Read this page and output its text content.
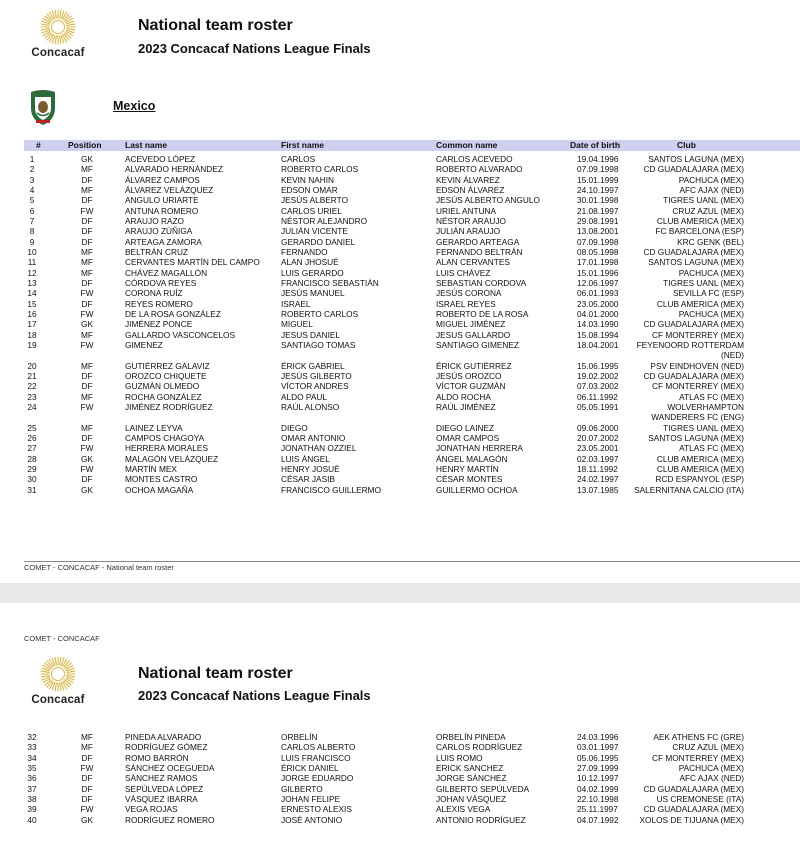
Concacaf
National team roster
2023 Concacaf Nations League Finals
Mexico
#	Position	Last name	First name	Common name	Date of birth	Club
1	GK	ACEVEDO LÓPEZ	CARLOS	CARLOS ACEVEDO	19.04.1996	SANTOS LAGUNA (MEX)
2	MF	ALVARADO HERNÁNDEZ	ROBERTO CARLOS	ROBERTO ALVARADO	07.09.1998	CD GUADALAJARA (MEX)
3	DF	ÁLVAREZ CAMPOS	KEVIN NAHIN	KEVIN ÁLVAREZ	15.01.1999	PACHUCA (MEX)
4	MF	ÁLVAREZ VELÁZQUEZ	EDSON OMAR	EDSON ÁLVAREZ	24.10.1997	AFC AJAX (NED)
5	DF	ANGULO URIARTE	JESÚS ALBERTO	JESÚS ALBERTO ANGULO	30.01.1998	TIGRES UANL (MEX)
6	FW	ANTUNA ROMERO	CARLOS URIEL	URIEL ANTUNA	21.08.1997	CRUZ AZUL (MEX)
7	DF	ARAUJO RAZO	NÉSTOR ALEJANDRO	NÉSTOR ARAUJO	29.08.1991	CLUB AMERICA (MEX)
8	DF	ARAUJO ZÚÑIGA	JULIÁN VICENTE	JULIÁN ARAUJO	13.08.2001	FC BARCELONA (ESP)
9	DF	ARTEAGA ZAMORA	GERARDO DANIEL	GERARDO ARTEAGA	07.09.1998	KRC GENK (BEL)
10	MF	BELTRÁN CRUZ	FERNANDO	FERNANDO BELTRÁN	08.05.1998	CD GUADALAJARA (MEX)
11	MF	CERVANTES MARTÍN DEL CAMPO	ALAN JHOSUÉ	ALAN CERVANTES	17.01.1998	SANTOS LAGUNA (MEX)
12	MF	CHÁVEZ MAGALLÓN	LUIS GERARDO	LUIS CHÁVEZ	15.01.1996	PACHUCA (MEX)
13	DF	CÓRDOVA REYES	FRANCISCO SEBASTIÁN	SEBASTIAN CORDOVA	12.06.1997	TIGRES UANL (MEX)
14	FW	CORONA RUÍZ	JESÚS MANUEL	JESÚS CORONA	06.01.1993	SEVILLA FC (ESP)
15	DF	REYES ROMERO	ISRAEL	ISRAEL REYES	23.05.2000	CLUB AMERICA (MEX)
16	FW	DE LA ROSA GONZÁLEZ	ROBERTO CARLOS	ROBERTO DE LA ROSA	04.01.2000	PACHUCA (MEX)
17	GK	JIMÉNEZ PONCE	MIGUEL	MIGUEL JIMÉNEZ	14.03.1990	CD GUADALAJARA (MEX)
18	MF	GALLARDO VASCONCELOS	JESUS DANIEL	JESUS GALLARDO	15.08.1994	CF MONTERREY (MEX)
19	FW	GIMENEZ	SANTIAGO TOMAS	SANTIAGO GIMENEZ	18.04.2001	FEYENOORD ROTTERDAM (NED)
20	MF	GUTIÉRREZ GALAVIZ	ÉRICK GABRIEL	ÉRICK GUTIÉRREZ	15.06.1995	PSV EINDHOVEN (NED)
21	DF	OROZCO CHIQUETE	JESÚS GILBERTO	JESÚS OROZCO	19.02.2002	CD GUADALAJARA (MEX)
22	DF	GUZMÁN OLMEDO	VÍCTOR ANDRES	VÍCTOR GUZMÁN	07.03.2002	CF MONTERREY (MEX)
23	MF	ROCHA GONZÁLEZ	ALDO PAUL	ALDO ROCHA	06.11.1992	ATLAS FC (MEX)
24	FW	JIMÉNEZ RODRÍGUEZ	RAÚL ALONSO	RAÚL JIMÉNEZ	05.05.1991	WOLVERHAMPTON WANDERERS FC (ENG)
25	MF	LAINEZ LEYVA	DIEGO	DIEGO LAINEZ	09.06.2000	TIGRES UANL (MEX)
26	DF	CAMPOS CHAGOYA	OMAR ANTONIO	OMAR CAMPOS	20.07.2002	SANTOS LAGUNA (MEX)
27	FW	HERRERA MORALES	JONATHAN OZZIEL	JONATHAN HERRERA	23.05.2001	ATLAS FC (MEX)
28	GK	MALAGÓN VELÁZQUEZ	LUIS ÁNGEL	ÁNGEL MALAGÓN	02.03.1997	CLUB AMERICA (MEX)
29	FW	MARTÍN MEX	HENRY JOSUÉ	HENRY MARTÍN	18.11.1992	CLUB AMERICA (MEX)
30	DF	MONTES CASTRO	CÉSAR JASIB	CÉSAR MONTES	24.02.1997	RCD ESPANYOL (ESP)
31	GK	OCHOA MAGAÑA	FRANCISCO GUILLERMO	GUILLERMO OCHOA	13.07.1985	SALERNITANA CALCIO (ITA)
COMET - CONCACAF - National team roster
COMET - CONCACAF
Concacaf
National team roster
2023 Concacaf Nations League Finals
32	MF	PINEDA ALVARADO	ORBELÍN	ORBELÍN PINEDA	24.03.1996	AEK ATHENS FC (GRE)
33	MF	RODRÍGUEZ GÓMEZ	CARLOS ALBERTO	CARLOS RODRÍGUEZ	03.01.1997	CRUZ AZUL (MEX)
34	DF	ROMO BARRÓN	LUIS FRANCISCO	LUIS ROMO	05.06.1995	CF MONTERREY (MEX)
35	FW	SÁNCHEZ OCEGUEDA	ÉRICK DANIEL	ERICK SANCHEZ	27.09.1999	PACHUCA (MEX)
36	DF	SÁNCHEZ RAMOS	JORGE EDUARDO	JORGE SÁNCHEZ	10.12.1997	AFC AJAX (NED)
37	DF	SEPÚLVEDA LÓPEZ	GILBERTO	GILBERTO SEPÚLVEDA	04.02.1999	CD GUADALAJARA (MEX)
38	DF	VÁSQUEZ IBARRA	JOHAN FELIPE	JOHAN VÁSQUEZ	22.10.1998	US CREMONESE (ITA)
39	FW	VEGA ROJAS	ERNESTO ALEXIS	ALEXIS VEGA	25.11.1997	CD GUADALAJARA (MEX)
40	GK	RODRÍGUEZ ROMERO	JOSÉ ANTONIO	ANTONIO RODRÍGUEZ	04.07.1992	XOLOS DE TIJUANA (MEX)
